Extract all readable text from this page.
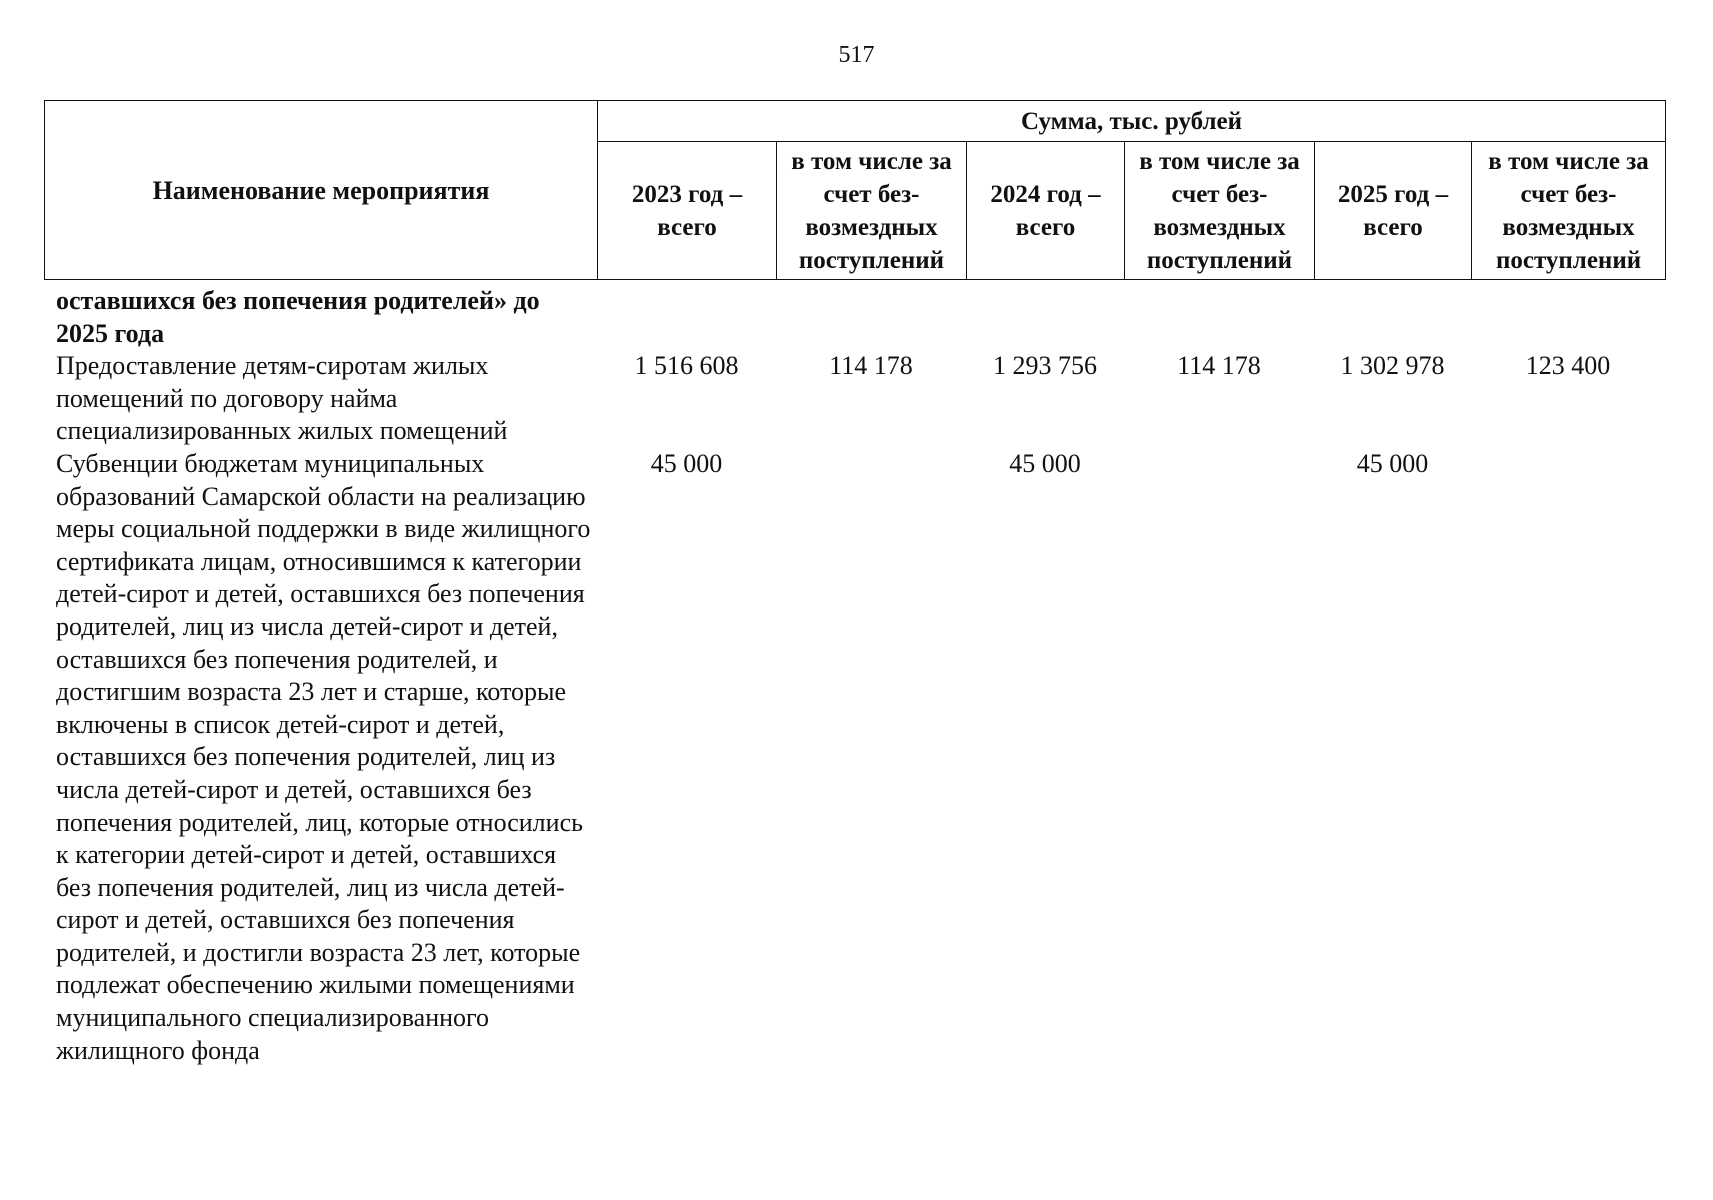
517
Наименование мероприятия	Сумма, тыс. рублей					
	2023 год – всего	в том числе за счет без- возмездных поступлений	2024 год – всего	в том числе за счет без- возмездных поступлений	2025 год – всего	в том числе за счет без- возмездных поступлений
оставшихся без попечения родителей» до 2025 года						
Предоставление детям-сиротам жилых помещений по договору найма специализированных жилых помещений	1 516 608	114 178	1 293 756	114 178	1 302 978	123 400
Субвенции бюджетам муниципальных образований Самарской области на реализацию меры социальной поддержки в виде жилищного сертификата лицам, относившимся к категории детей-сирот и детей, оставшихся без попечения родителей, лиц из числа детей-сирот и детей, оставшихся без попечения родителей, и достигшим возраста 23 лет и старше, которые включены в список детей-сирот и детей, оставшихся без попечения родителей, лиц из числа детей-сирот и детей, оставшихся без попечения родителей, лиц, которые относились к категории детей-сирот и детей, оставшихся без попечения родителей, лиц из числа детей-сирот и детей, оставшихся без попечения родителей, и достигли возраста 23 лет, которые подлежат обеспечению жилыми помещениями муниципального специализированного жилищного фонда	45 000		45 000		45 000	
